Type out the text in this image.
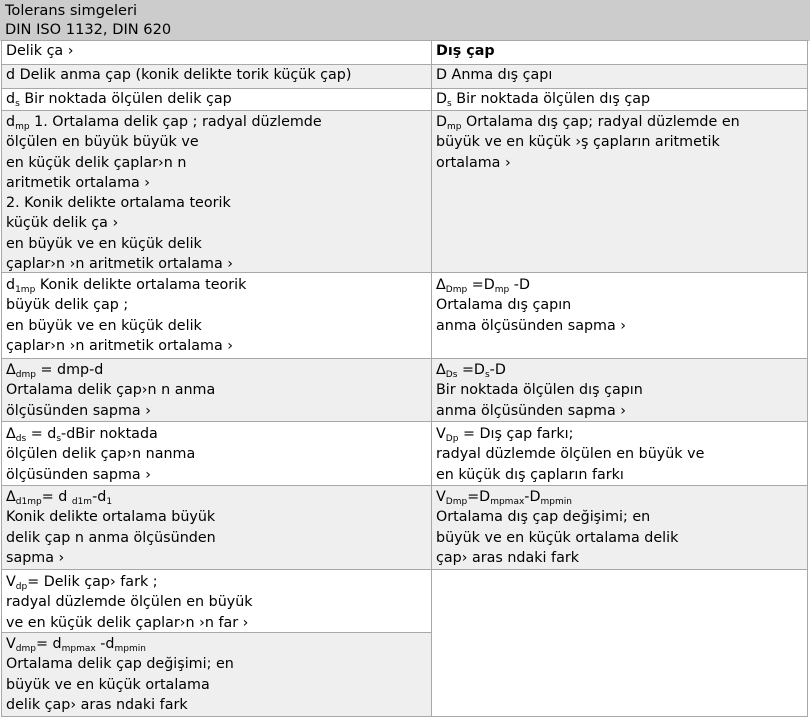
Tolerans simgeleri
DIN ISO 1132, DIN 620
Delik ça ›	Dış çap
d Delik anma çap (konik delikte torik küçük çap)
$d_s$ Bir noktada ölçülen delik çap
$d_{mp}$ 1. Ortalama delik çap ; radyal düzlemde
ölçülen en büyük büyük ve
en küçük delik çaplar›n n
aritmetik ortalama ›
2. Konik delikte ortalama teorik
küçük delik ça ›
en büyük ve en küçük delik
çaplar›n ›n aritmetik ortalama ›
$d_{1mp}$ Konik delikte ortalama teorik
büyük delik çap ;
en büyük ve en küçük delik
çaplar›n ›n aritmetik ortalama ›
$\Delta_{dmp} = dmp-d$
Ortalama delik çap›n n anma
ölçüsünden sapma ›
$\Delta_{ds}$ = $d_s$-dBir noktada
ölçülen delik çap›n nanma
ölçüsünden sapma ›
$\Delta_{d1mp}= d$ $_{d1m}-d_1$
Konik delikte ortalama büyük
delik çap n anma ölçüsünden
sapma ›
$V_{dp}=$ Delik çap› fark ;
radyal düzlemde ölçülen en büyük
ve en küçük delik çaplar›n ›n far ›
$V_{dmp}= d_{mpmax}$ $-d_{mpmin}$
Ortalama delik çap değişimi; en
büyük ve en küçük ortalama
delik çap› aras ndaki fark
D Anma dış çapı
$D_s$ Bir noktada ölçülen dış çap
$D_{mp}$ Ortalama dış çap; radyal düzlemde en
büyük ve en küçük ›ş çapların aritmetik
ortalama ›
$\Delta_{Dmp} =D_{mp}$ -D
Ortalama dış çapın
anma ölçüsünden sapma ›
$\Delta_{Ds} =D_s-D$
Bir noktada ölçülen dış çapın
anma ölçüsünden sapma ›
$V_{Dp}$ = Dış çap farkı;
radyal düzlemde ölçülen en büyük ve
en küçük dış çapların farkı
$V_{Dmp}=D_{mpmax}-D_{mpmin}$
Ortalama dış çap değişimi; en
büyük ve en küçük ortalama delik
çap› aras ndaki fark
